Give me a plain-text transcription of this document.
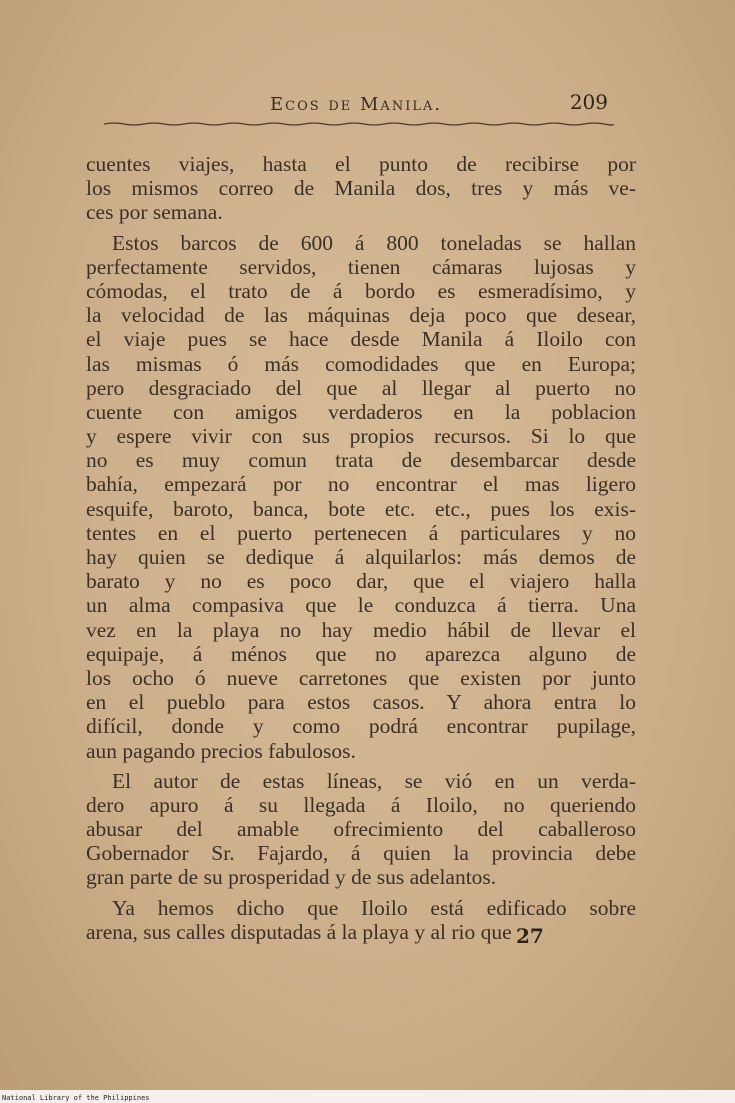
Ecos de Manila.	209
cuentes viajes, hasta el punto de recibirse por
los mismos correo de Manila dos, tres y más ve-
ces por semana.
Estos barcos de 600 á 800 toneladas se hallan
perfectamente servidos, tienen cámaras lujosas y
cómodas, el trato de á bordo es esmeradísimo, y
la velocidad de las máquinas deja poco que desear,
el viaje pues se hace desde Manila á Iloilo con
las mismas ó más comodidades que en Europa;
pero desgraciado del que al llegar al puerto no
cuente con amigos verdaderos en la poblacion
y espere vivir con sus propios recursos. Si lo que
no es muy comun trata de desembarcar desde
bahía, empezará por no encontrar el mas ligero
esquife, baroto, banca, bote etc. etc., pues los exis-
tentes en el puerto pertenecen á particulares y no
hay quien se dedique á alquilarlos: más demos de
barato y no es poco dar, que el viajero halla
un alma compasiva que le conduzca á tierra. Una
vez en la playa no hay medio hábil de llevar el
equipaje, á ménos que no aparezca alguno de
los ocho ó nueve carretones que existen por junto
en el pueblo para estos casos. Y ahora entra lo
difícil, donde y como podrá encontrar pupilage,
aun pagando precios fabulosos.
El autor de estas líneas, se vió en un verda-
dero apuro á su llegada á Iloilo, no queriendo
abusar del amable ofrecimiento del caballeroso
Gobernador Sr. Fajardo, á quien la provincia debe
gran parte de su prosperidad y de sus adelantos.
Ya hemos dicho que Iloilo está edificado sobre
arena, sus calles disputadas á la playa y al rio que 27
National Library of the Philippines
